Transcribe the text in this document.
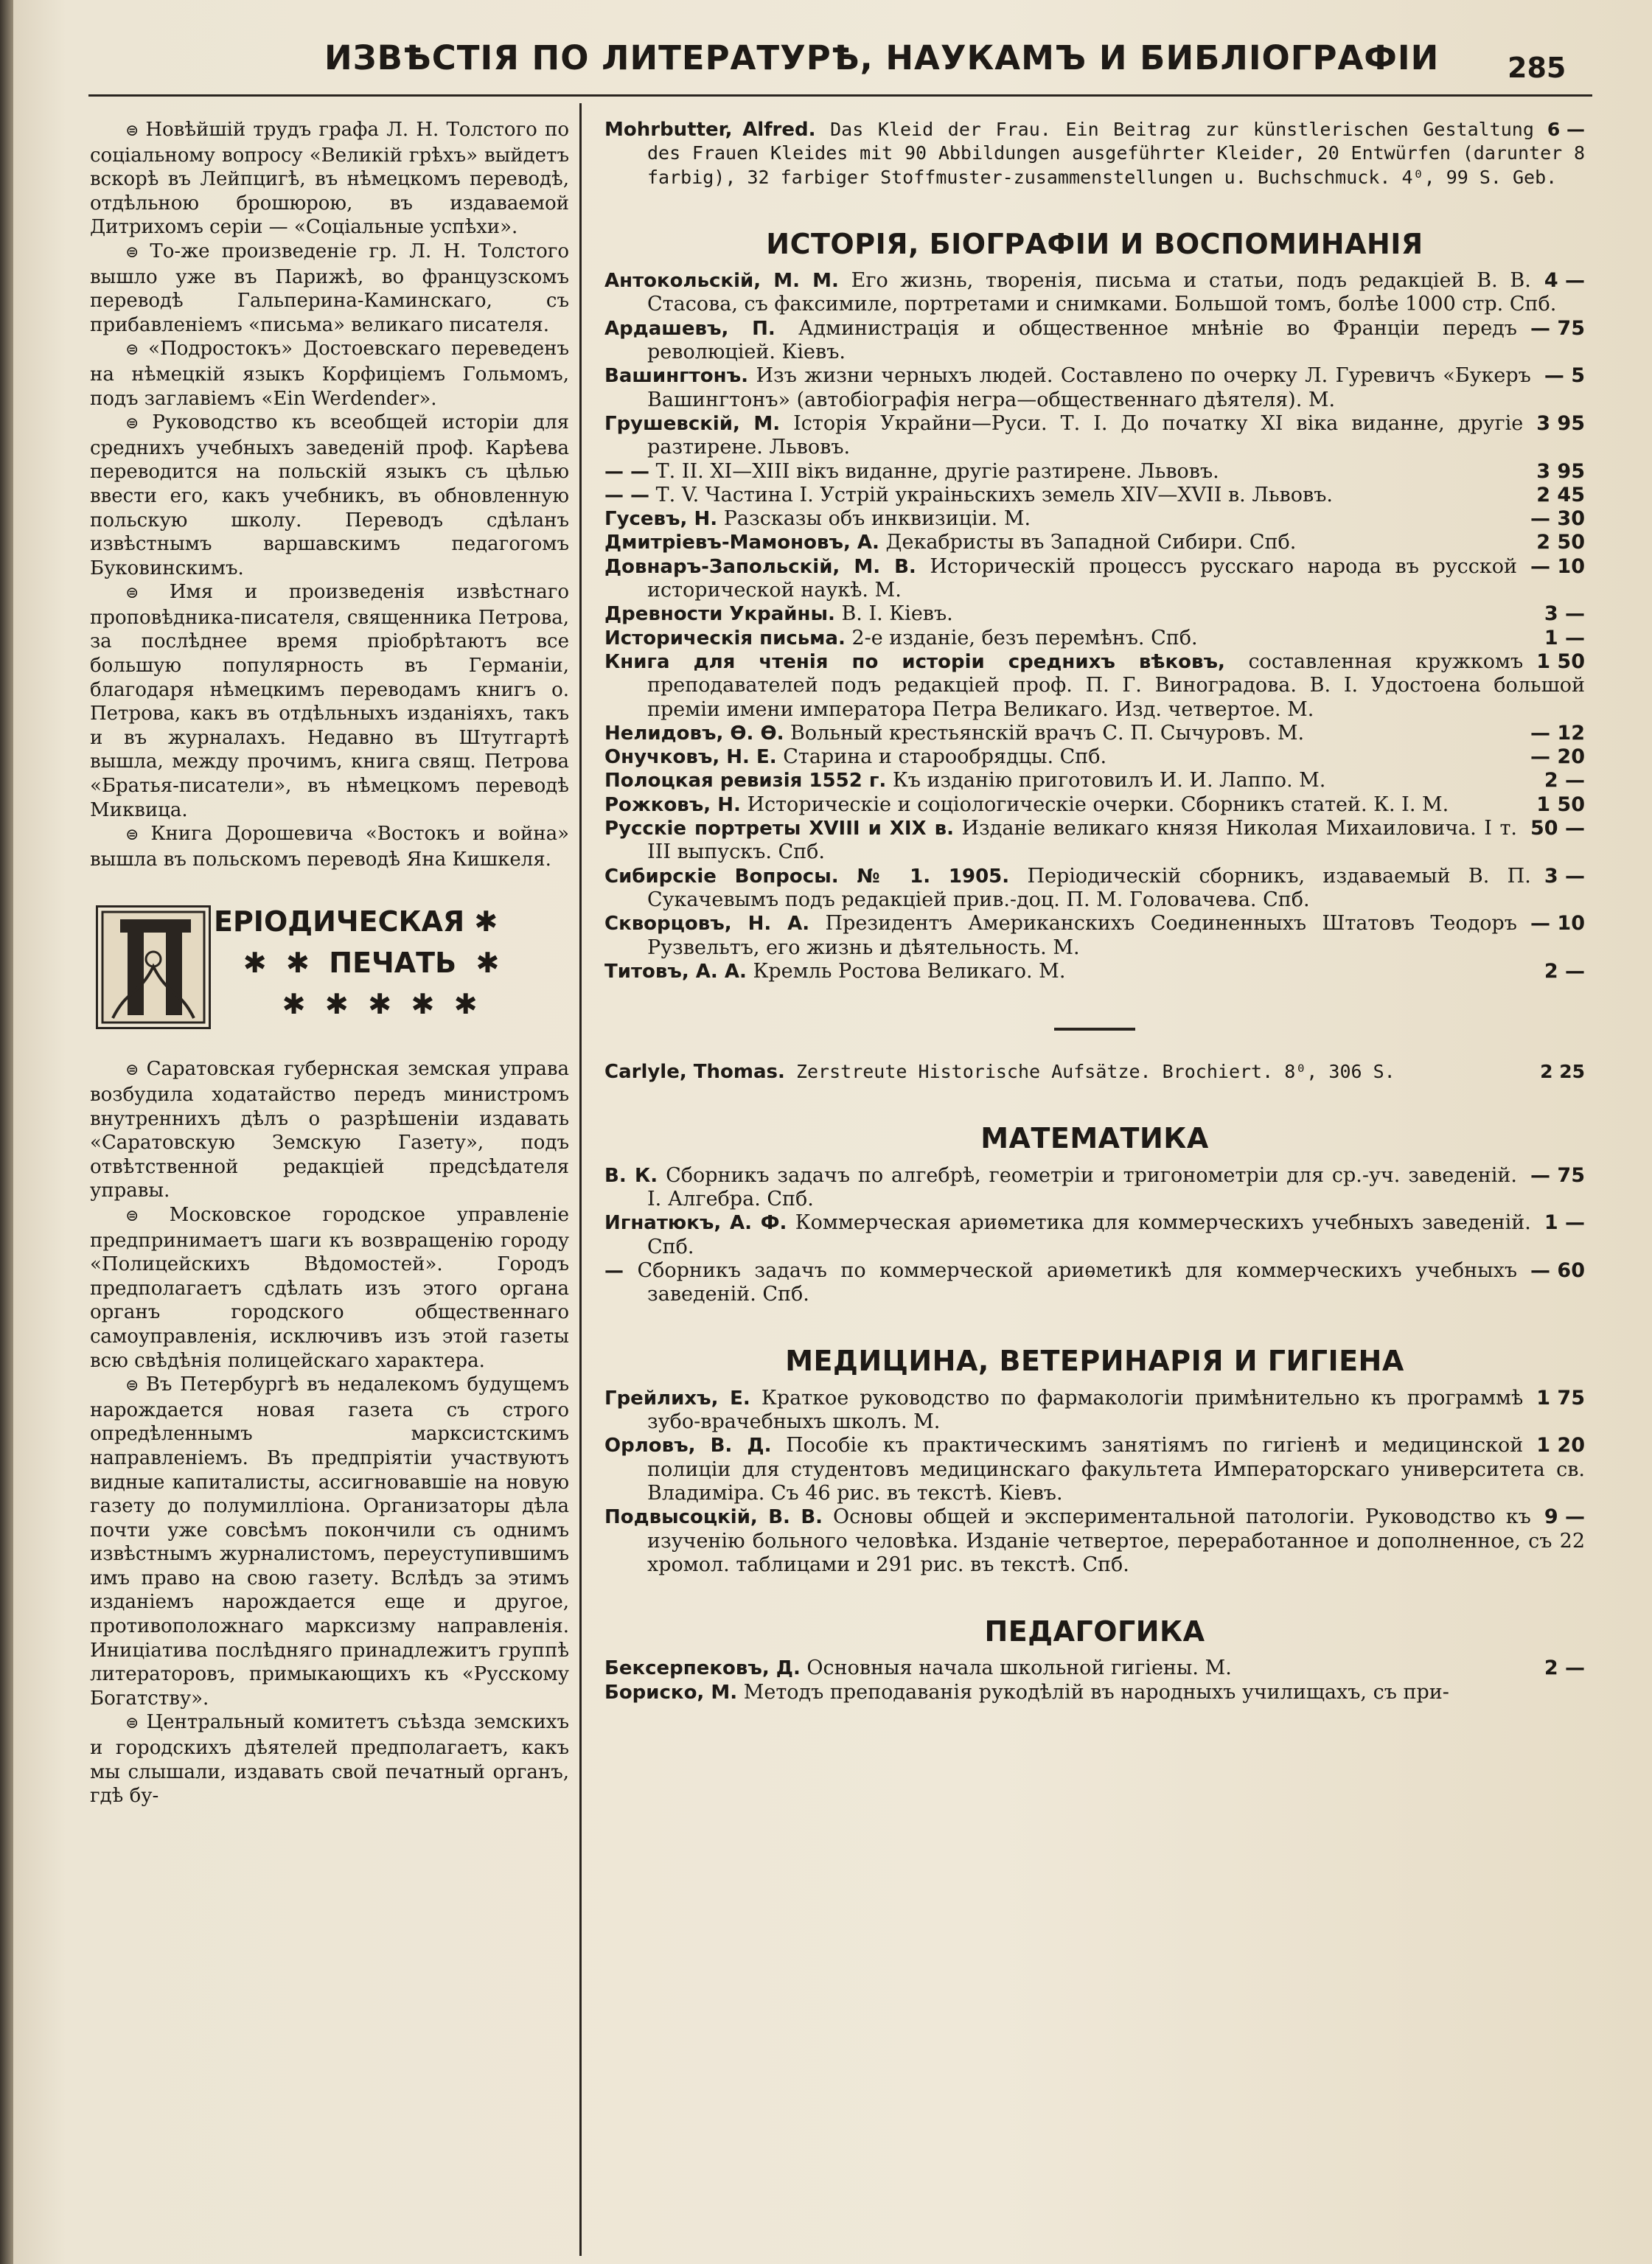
ИЗВѢСТІЯ ПО ЛИТЕРАТУРѢ, НАУКАМЪ И БИБЛІОГРАФІИ 285

⊜ Новѣйшій трудъ графа Л. Н. Толстого по соціальному вопросу «Великій грѣхъ» выйдетъ вскорѣ въ Лейпцигѣ, въ нѣмецкомъ переводѣ, отдѣльною брошюрою, въ издаваемой Дитрихомъ серіи — «Соціальные успѣхи».

⊜ То-же произведеніе гр. Л. Н. Толстого вышло уже въ Парижѣ, во французскомъ переводѣ Гальперина-Каминскаго, съ прибавленіемъ «письма» великаго писателя.

⊜ «Подростокъ» Достоевскаго переведенъ на нѣмецкій языкъ Корфиціемъ Гольмомъ, подъ заглавіемъ «Ein Werdender».

⊜ Руководство къ всеобщей исторіи для среднихъ учебныхъ заведеній проф. Карѣева переводится на польскій языкъ съ цѣлью ввести его, какъ учебникъ, въ обновленную польскую школу. Переводъ сдѣланъ извѣстнымъ варшавскимъ педагогомъ Буковинскимъ.

⊜ Имя и произведенія извѣстнаго проповѣдника-писателя, священника Петрова, за послѣднее время пріобрѣтаютъ все большую популярность въ Германіи, благодаря нѣмецкимъ переводамъ книгъ о. Петрова, какъ въ отдѣльныхъ изданіяхъ, такъ и въ журналахъ. Недавно въ Штутгартѣ вышла, между прочимъ, книга свящ. Петрова «Братья-писатели», въ нѣмецкомъ переводѣ Миквица.

⊜ Книга Дорошевича «Востокъ и война» вышла въ польскомъ переводѣ Яна Кишкеля.

ЕРІОДИЧЕСКАЯ ✱
✱  ✱  ПЕЧАТЬ  ✱
✱  ✱  ✱  ✱  ✱

⊜ Саратовская губернская земская управа возбудила ходатайство передъ министромъ внутреннихъ дѣлъ о разрѣшеніи издавать «Саратовскую Земскую Газету», подъ отвѣтственной редакціей предсѣдателя управы.

⊜ Московское городское управленіе предпринимаетъ шаги къ возвращенію городу «Полицейскихъ Вѣдомостей». Городъ предполагаетъ сдѣлать изъ этого органа органъ городского общественнаго самоуправленія, исключивъ изъ этой газеты всю свѣдѣнія полицейскаго характера.

⊜ Въ Петербургѣ въ недалекомъ будущемъ нарождается новая газета съ строго опредѣленнымъ марксистскимъ направленіемъ. Въ предпріятіи участвуютъ видные капиталисты, ассигновавшіе на новую газету до полумилліона. Организаторы дѣла почти уже совсѣмъ покончили съ однимъ извѣстнымъ журналистомъ, переуступившимъ имъ право на свою газету. Вслѣдъ за этимъ изданіемъ нарождается еще и другое, противоположнаго марксизму направленія. Иниціатива послѣдняго принадлежитъ группѣ литераторовъ, примыкающихъ къ «Русскому Богатству».

⊜ Центральный комитетъ съѣзда земскихъ и городскихъ дѣятелей предполагаетъ, какъ мы слышали, издавать свой печатный органъ, гдѣ бу-

6 —
Mohrbutter, Alfred. Das Kleid der Frau. Ein Beitrag zur künstlerischen Gestaltung des Frauen Kleides mit 90 Abbildungen ausgeführter Kleider, 20 Entwürfen (darunter 8 farbig), 32 farbiger Stoffmuster-zusammenstellungen u. Buchschmuck. 4⁰, 99 S. Geb.
ИСТОРІЯ, БІОГРАФІИ И ВОСПОМИНАНІЯ
4 —
Антокольскій, М. М. Его жизнь, творенія, письма и статьи, подъ редакціей В. В. Стасова, съ факсимиле, портретами и снимками. Большой томъ, болѣе 1000 стр. Спб.
— 75
Ардашевъ, П. Администрація и общественное мнѣніе во Франціи передъ революціей. Кіевъ.
— 5
Вашингтонъ. Изъ жизни черныхъ людей. Составлено по очерку Л. Гуревичъ «Букеръ Вашингтонъ» (автобіографія негра—общественнаго дѣятеля). М.
3 95
Грушевскій, М. Історія Украйни—Руси. Т. І. До початку XI віка виданне, другіе разтирене. Львовъ.
3 95
— — Т. II. XI—XIII вікъ виданне, другіе разтирене. Львовъ.
2 45
— — Т. V. Частина I. Устрій украіньскихъ земель XIV—XVII в. Львовъ.
— 30
Гусевъ, Н. Разсказы объ инквизиціи. М.
2 50
Дмитріевъ-Мамоновъ, А. Декабристы въ Западной Сибири. Спб.
— 10
Довнаръ-Запольскій, М. В. Историческій процессъ русскаго народа въ русской исторической наукѣ. М.
3 —
Древности Украйны. В. I. Кіевъ.
1 —
Историческія письма. 2-е изданіе, безъ перемѣнъ. Спб.
1 50
Книга для чтенія по исторіи среднихъ вѣковъ, составленная кружкомъ преподавателей подъ редакціей проф. П. Г. Виноградова. В. I. Удостоена большой преміи имени императора Петра Великаго. Изд. четвертое. М.
— 12
Нелидовъ, Ѳ. Ѳ. Вольный крестьянскій врачъ С. П. Сычуровъ. М.
— 20
Онучковъ, Н. Е. Старина и старообрядцы. Спб.
2 —
Полоцкая ревизія 1552 г. Къ изданію приготовилъ И. И. Лаппо. М.
1 50
Рожковъ, Н. Историческіе и соціологическіе очерки. Сборникъ статей. К. I. М.
50 —
Русскіе портреты XVIII и XIX в. Изданіе великаго князя Николая Михаиловича. I т. III выпускъ. Спб.
3 —
Сибирскіе Вопросы. № 1. 1905. Періодическій сборникъ, издаваемый В. П. Сукачевымъ подъ редакціей прив.-доц. П. М. Головачева. Спб.
— 10
Скворцовъ, Н. А. Президентъ Американскихъ Соединенныхъ Штатовъ Теодоръ Рузвельтъ, его жизнь и дѣятельность. М.
2 —
Титовъ, А. А. Кремль Ростова Великаго. М.
2 25
Carlyle, Thomas. Zerstreute Historische Aufsätze. Brochiert. 8⁰, 306 S.
МАТЕМАТИКА
— 75
В. К. Сборникъ задачъ по алгебрѣ, геометріи и тригонометріи для ср.-уч. заведеній. I. Алгебра. Спб.
1 —
Игнатюкъ, А. Ф. Коммерческая ариѳметика для коммерческихъ учебныхъ заведеній. Спб.
— 60
— Сборникъ задачъ по коммерческой ариѳметикѣ для коммерческихъ учебныхъ заведеній. Спб.
МЕДИЦИНА, ВЕТЕРИНАРІЯ И ГИГІЕНА
1 75
Грейлихъ, Е. Краткое руководство по фармакологіи примѣнительно къ программѣ зубо-врачебныхъ школъ. М.
1 20
Орловъ, В. Д. Пособіе къ практическимъ занятіямъ по гигіенѣ и медицинской полиціи для студентовъ медицинскаго факультета Императорскаго университета св. Владиміра. Съ 46 рис. въ текстѣ. Кіевъ.
9 —
Подвысоцкій, В. В. Основы общей и экспериментальной патологіи. Руководство къ изученію больного человѣка. Изданіе четвертое, переработанное и дополненное, съ 22 хромол. таблицами и 291 рис. въ текстѣ. Спб.
ПЕДАГОГИКА
2 —
Бексерпековъ, Д. Основныя начала школьной гигіены. М.
Бориско, М. Методъ преподаванія рукодѣлій въ народныхъ училищахъ, съ при-
